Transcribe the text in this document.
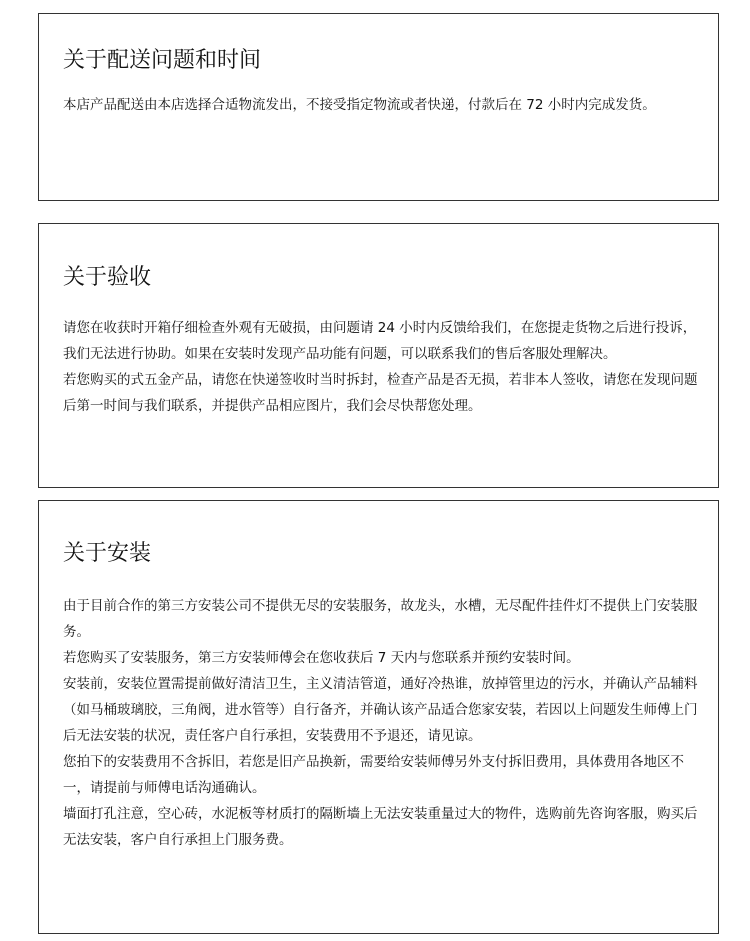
关于配送问题和时间

本店产品配送由本店选择合适物流发出，不接受指定物流或者快递，付款后在 72 小时内完成发货。

关于验收

请您在收获时开箱仔细检查外观有无破损，由问题请 24 小时内反馈给我们，在您提走货物之后进行投诉，我们无法进行协助。如果在安装时发现产品功能有问题，可以联系我们的售后客服处理解决。

若您购买的式五金产品，请您在快递签收时当时拆封，检查产品是否无损，若非本人签收，请您在发现问题后第一时间与我们联系，并提供产品相应图片，我们会尽快帮您处理。

关于安装

由于目前合作的第三方安装公司不提供无尽的安装服务，故龙头，水槽，无尽配件挂件灯不提供上门安装服务。

若您购买了安装服务，第三方安装师傅会在您收获后 7 天内与您联系并预约安装时间。

安装前，安装位置需提前做好清洁卫生，主义清洁管道，通好冷热谁，放掉管里边的污水，并确认产品辅料（如马桶玻璃胶，三角阀，进水管等）自行备齐，并确认该产品适合您家安装，若因以上问题发生师傅上门后无法安装的状况，责任客户自行承担，安装费用不予退还，请见谅。

您拍下的安装费用不含拆旧，若您是旧产品换新，需要给安装师傅另外支付拆旧费用，具体费用各地区不一，请提前与师傅电话沟通确认。

墙面打孔注意，空心砖，水泥板等材质打的隔断墙上无法安装重量过大的物件，选购前先咨询客服，购买后无法安装，客户自行承担上门服务费。
